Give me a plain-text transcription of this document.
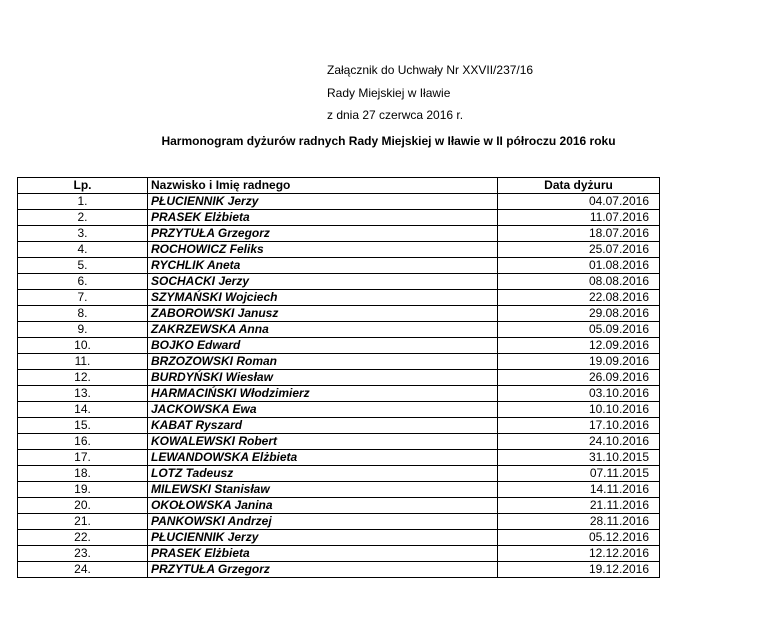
Załącznik do Uchwały Nr XXVII/237/16
Rady Miejskiej w Iławie
z dnia 27 czerwca 2016 r.
Harmonogram dyżurów radnych Rady Miejskiej w Iławie w II półroczu 2016 roku
Lp.	Nazwisko i Imię radnego	Data dyżuru
1.	PŁUCIENNIK Jerzy	04.07.2016
2.	PRASEK Elżbieta	11.07.2016
3.	PRZYTUŁA Grzegorz	18.07.2016
4.	ROCHOWICZ Feliks	25.07.2016
5.	RYCHLIK Aneta	01.08.2016
6.	SOCHACKI Jerzy	08.08.2016
7.	SZYMAŃSKI Wojciech	22.08.2016
8.	ZABOROWSKI Janusz	29.08.2016
9.	ZAKRZEWSKA Anna	05.09.2016
10.	BOJKO Edward	12.09.2016
11.	BRZOZOWSKI Roman	19.09.2016
12.	BURDYŃSKI Wiesław	26.09.2016
13.	HARMACIŃSKI Włodzimierz	03.10.2016
14.	JACKOWSKA Ewa	10.10.2016
15.	KABAT Ryszard	17.10.2016
16.	KOWALEWSKI Robert	24.10.2016
17.	LEWANDOWSKA Elżbieta	31.10.2015
18.	LOTZ Tadeusz	07.11.2015
19.	MILEWSKI Stanisław	14.11.2016
20.	OKOŁOWSKA Janina	21.11.2016
21.	PANKOWSKI Andrzej	28.11.2016
22.	PŁUCIENNIK Jerzy	05.12.2016
23.	PRASEK Elżbieta	12.12.2016
24.	PRZYTUŁA Grzegorz	19.12.2016
